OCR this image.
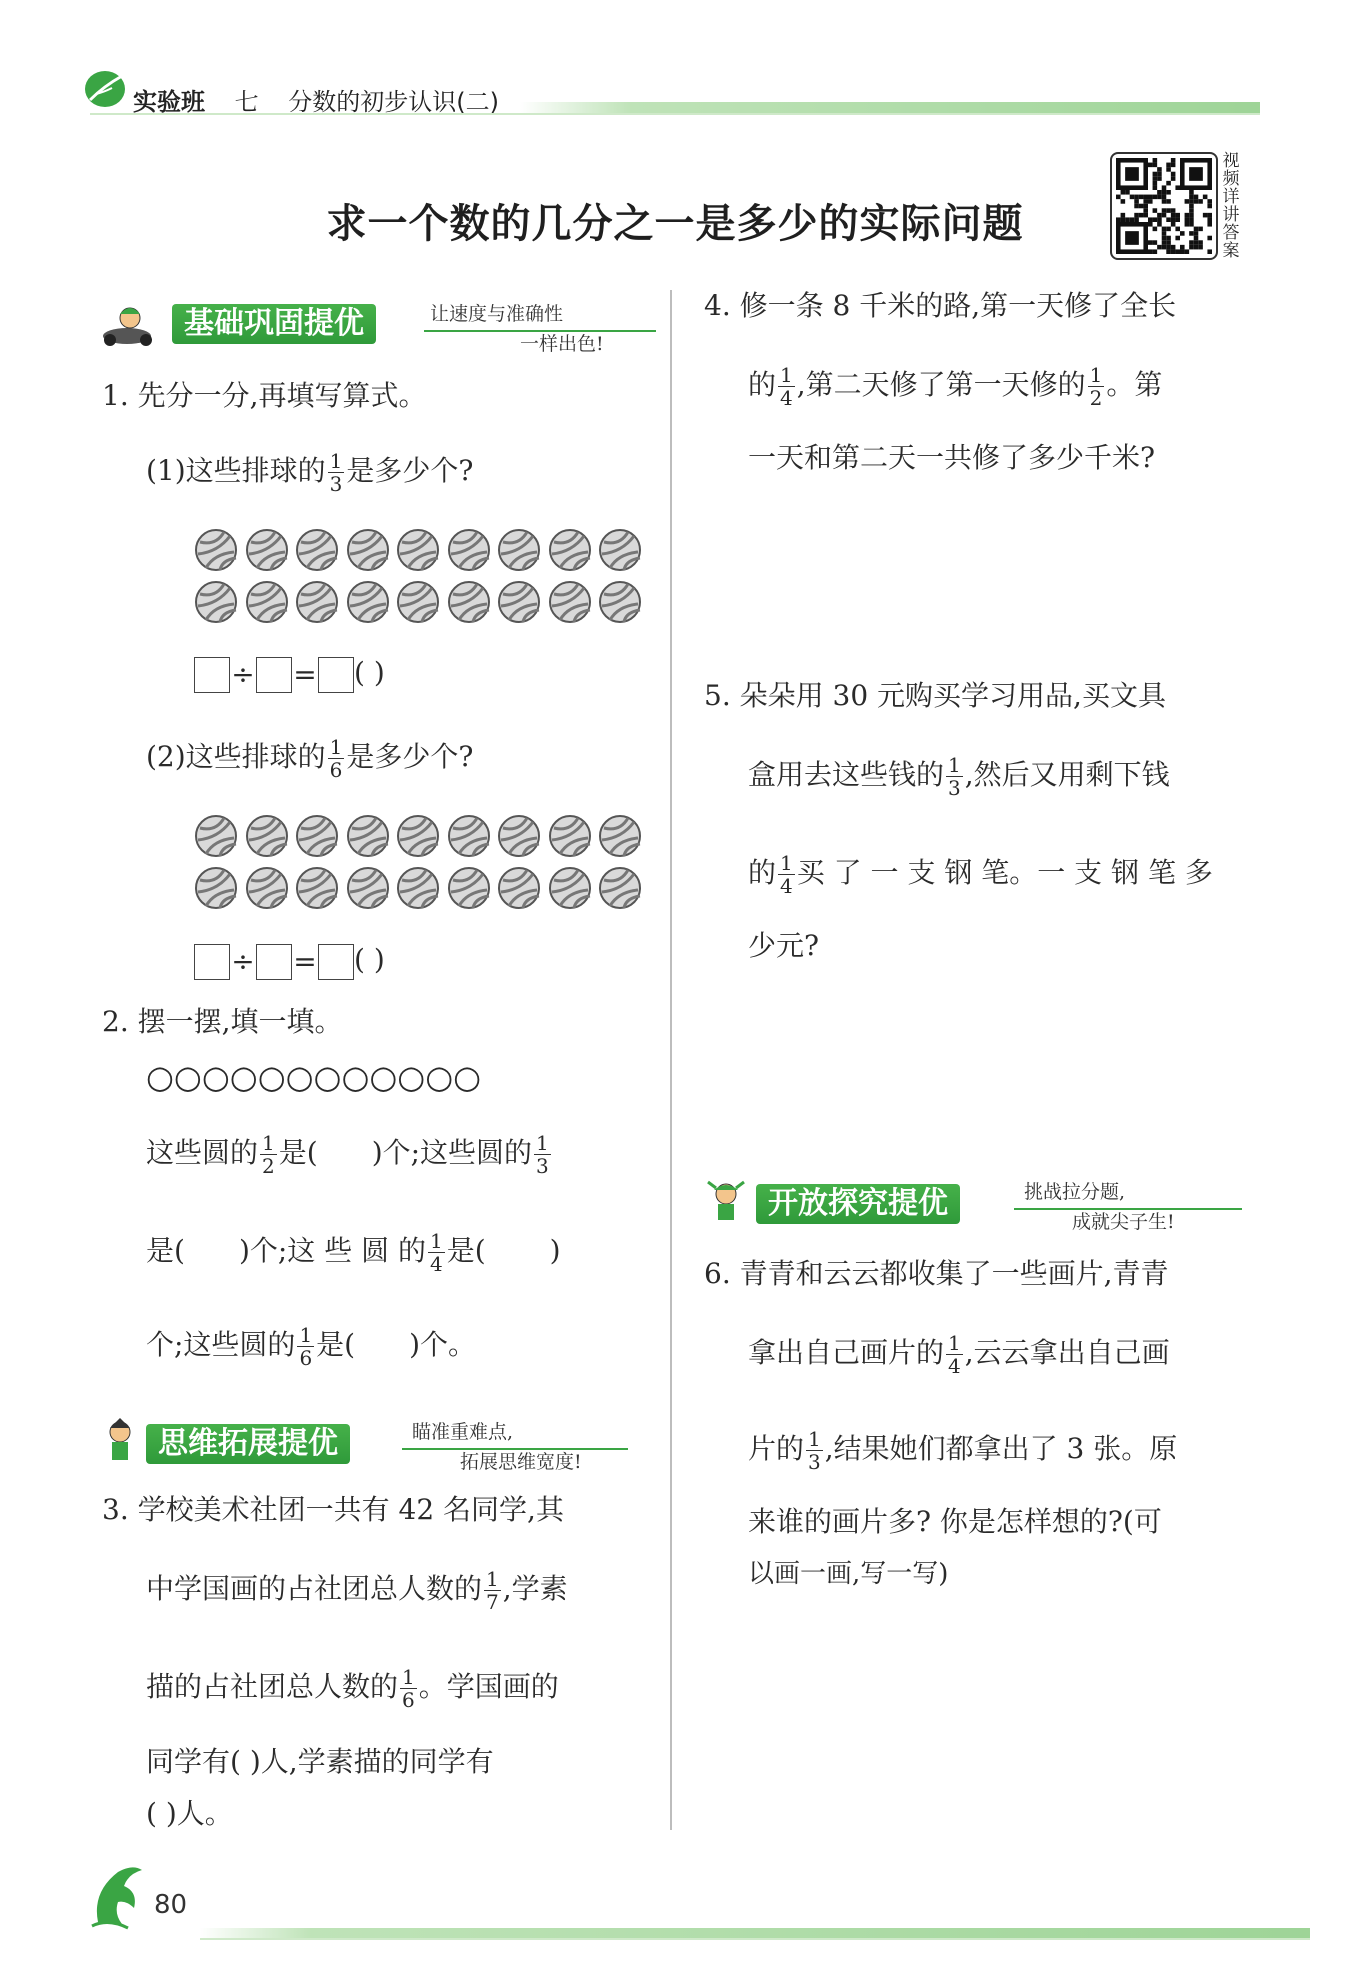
实验班 七 分数的初步认识(二)
求一个数的几分之一是多少的实际问题
视
频
详
讲
答
案
基础巩固提优	让速度与准确性
一样出色!
1. 先分一分,再填写算式。
(1)这些排球的 $\frac{1}{3}$ 是多少个?
÷ = ( )
(2)这些排球的 $\frac{1}{6}$ 是多少个?
÷ = ( )
2. 摆一摆,填一填。
○○○○○○○○○○○○
这些圆的 $\frac{1}{2}$ 是( )个;这些圆的 $\frac{1}{3}$
是( )个;这 些 圆 的 $\frac{1}{4}$ 是( )
个;这些圆的 $\frac{1}{6}$ 是( )个。
思维拓展提优	瞄准重难点,
拓展思维宽度!
3. 学校美术社团一共有 42 名同学,其
中学国画的占社团总人数的 $\frac{1}{7}$ ,学素
描的占社团总人数的 $\frac{1}{6}$ 。学国画的
同学有( )人,学素描的同学有
( )人。
4. 修一条 8 千米的路,第一天修了全长
的 $\frac{1}{4}$ ,第二天修了第一天修的 $\frac{1}{2}$ 。第
一天和第二天一共修了多少千米?
5. 朵朵用 30 元购买学习用品,买文具
盒用去这些钱的 $\frac{1}{3}$ ,然后又用剩下钱
的 $\frac{1}{4}$ 买 了 一 支 钢 笔。一 支 钢 笔 多
少元?
开放探究提优	挑战拉分题,
成就尖子生!
6. 青青和云云都收集了一些画片,青青
拿出自己画片的 $\frac{1}{4}$ ,云云拿出自己画
片的 $\frac{1}{3}$ ,结果她们都拿出了 3 张。原
来谁的画片多? 你是怎样想的?(可
以画一画,写一写)
80
